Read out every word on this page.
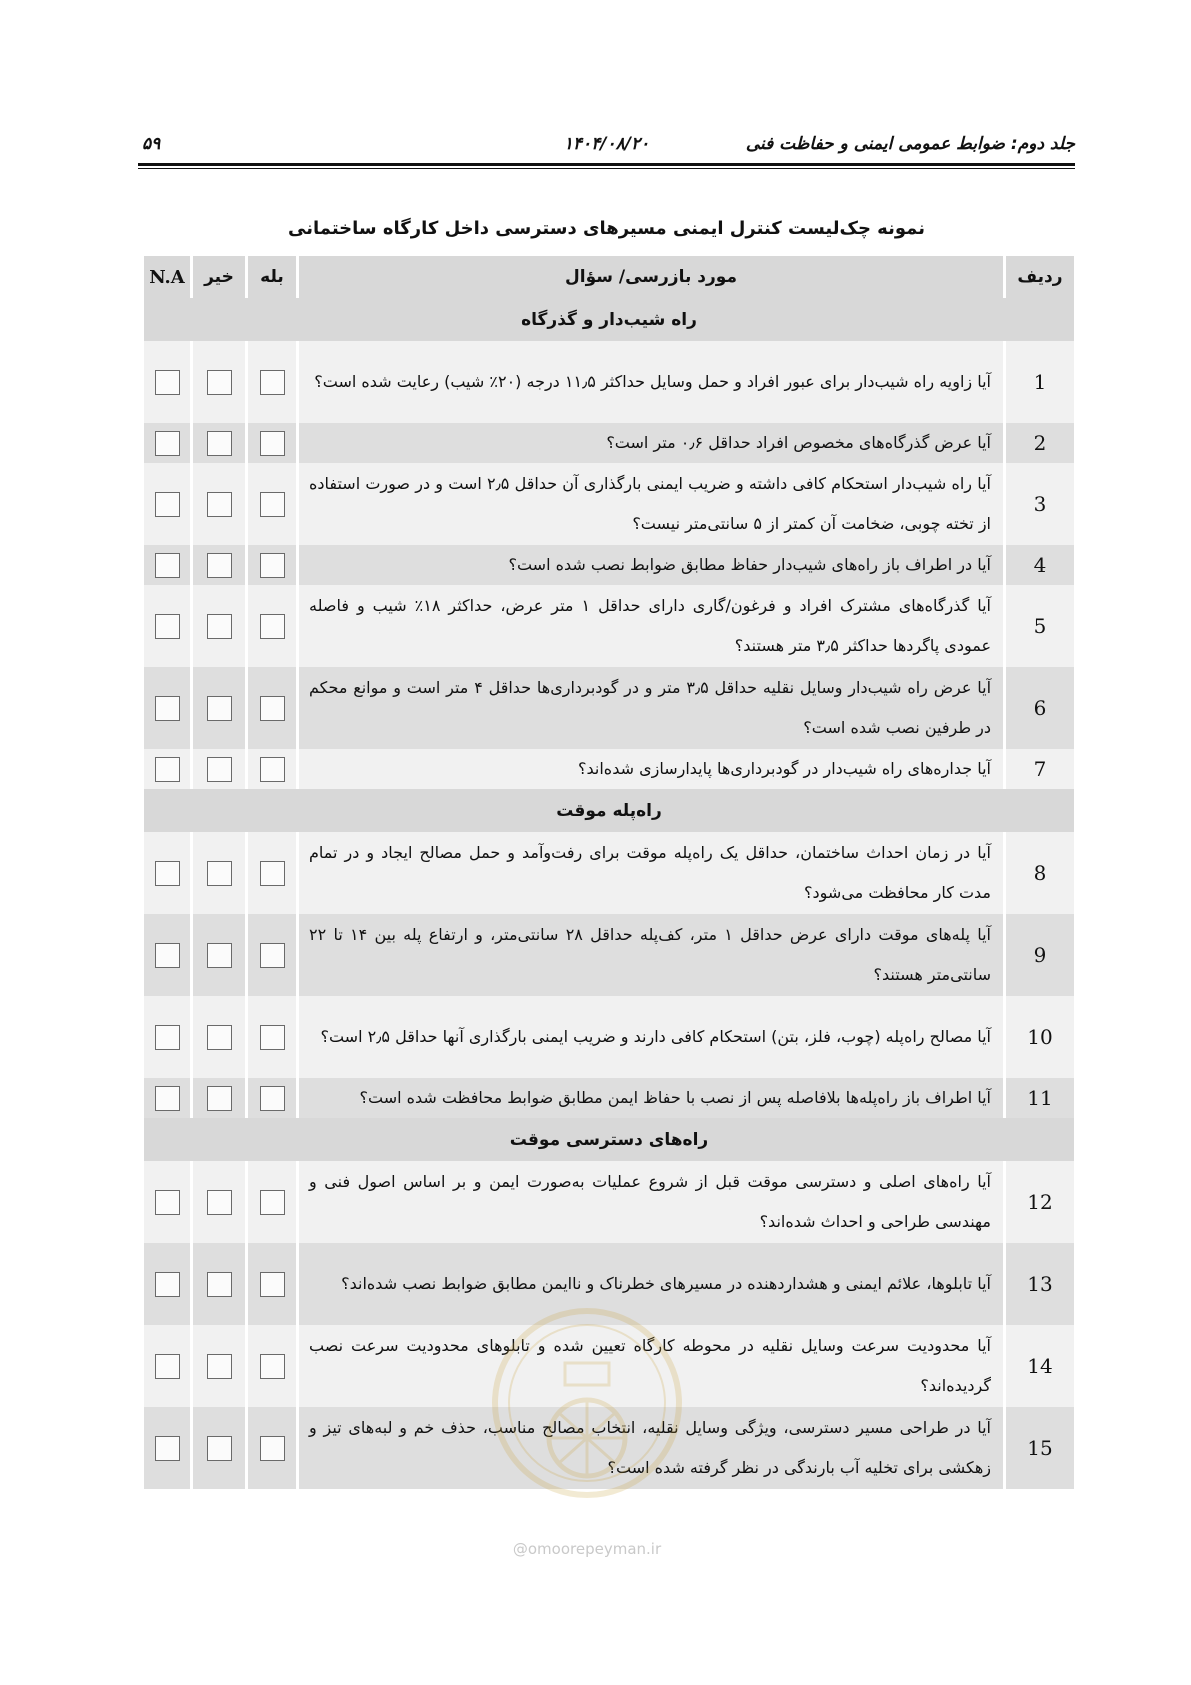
۵۹	۱۴۰۴/۰۸/۲۰	جلد دوم: ضوابط عمومی ایمنی و حفاظت فنی
نمونه چک‌لیست کنترل ایمنی مسیرهای دسترسی داخل کارگاه ساختمانی
ردیف	مورد بازرسی/ سؤال	بله	خیر	N.A
راه شیب‌دار و گذرگاه				
1	آیا زاویه راه شیب‌دار برای عبور افراد و حمل وسایل حداکثر ۱۱٫۵ درجه (۲۰٪ شیب) رعایت شده است؟			
2	آیا عرض گذرگاه‌های مخصوص افراد حداقل ۰٫۶ متر است؟			
3	آیا راه شیب‌دار استحکام کافی داشته و ضریب ایمنی بارگذاری آن حداقل ۲٫۵ است و در صورت استفاده از تخته چوبی، ضخامت آن کمتر از ۵ سانتی‌متر نیست؟			
4	آیا در اطراف باز راه‌های شیب‌دار حفاظ مطابق ضوابط نصب شده است؟			
5	آیا گذرگاه‌های مشترک افراد و فرغون/گاری دارای حداقل ۱ متر عرض، حداکثر ۱۸٪ شیب و فاصله عمودی پاگردها حداکثر ۳٫۵ متر هستند؟			
6	آیا عرض راه شیب‌دار وسایل نقلیه حداقل ۳٫۵ متر و در گودبرداری‌ها حداقل ۴ متر است و موانع محکم در طرفین نصب شده است؟			
7	آیا جداره‌های راه شیب‌دار در گودبرداری‌ها پایدارسازی شده‌اند؟			
راه‌پله موقت				
8	آیا در زمان احداث ساختمان، حداقل یک راه‌پله موقت برای رفت‌وآمد و حمل مصالح ایجاد و در تمام مدت کار محافظت می‌شود؟			
9	آیا پله‌های موقت دارای عرض حداقل ۱ متر، کف‌پله حداقل ۲۸ سانتی‌متر، و ارتفاع پله بین ۱۴ تا ۲۲ سانتی‌متر هستند؟			
10	آیا مصالح راه‌پله (چوب، فلز، بتن) استحکام کافی دارند و ضریب ایمنی بارگذاری آنها حداقل ۲٫۵ است؟			
11	آیا اطراف باز راه‌پله‌ها بلافاصله پس از نصب با حفاظ ایمن مطابق ضوابط محافظت شده است؟			
راه‌های دسترسی موقت				
12	آیا راه‌های اصلی و دسترسی موقت قبل از شروع عملیات به‌صورت ایمن و بر اساس اصول فنی و مهندسی طراحی و احداث شده‌اند؟			
13	آیا تابلوها، علائم ایمنی و هشداردهنده در مسیرهای خطرناک و ناایمن مطابق ضوابط نصب شده‌اند؟			
14	آیا محدودیت سرعت وسایل نقلیه در محوطه کارگاه تعیین شده و تابلوهای محدودیت سرعت نصب گردیده‌اند؟			
15	آیا در طراحی مسیر دسترسی، ویژگی وسایل نقلیه، انتخاب مصالح مناسب، حذف خم و لبه‌های تیز و زهکشی برای تخلیه آب بارندگی در نظر گرفته شده است؟			
@omoorepeyman.ir
